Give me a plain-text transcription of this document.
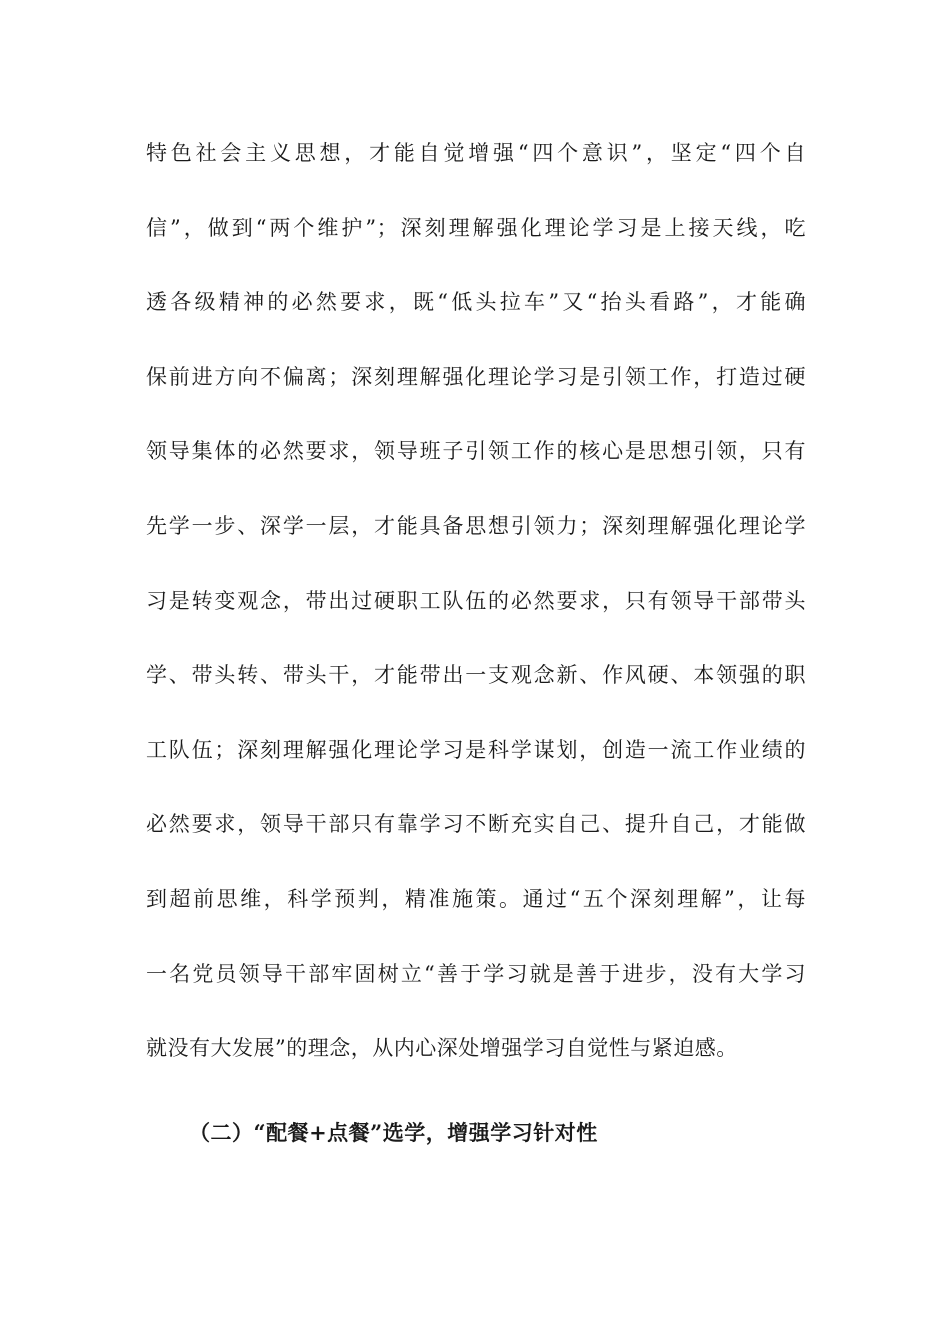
特色社会主义思想，才能自觉增强“四个意识”，坚定“四个自
信”，做到“两个维护”；深刻理解强化理论学习是上接天线，吃
透各级精神的必然要求，既“低头拉车”又“抬头看路”，才能确
保前进方向不偏离；深刻理解强化理论学习是引领工作，打造过硬
领导集体的必然要求，领导班子引领工作的核心是思想引领，只有
先学一步、深学一层，才能具备思想引领力；深刻理解强化理论学
习是转变观念，带出过硬职工队伍的必然要求，只有领导干部带头
学、带头转、带头干，才能带出一支观念新、作风硬、本领强的职
工队伍；深刻理解强化理论学习是科学谋划，创造一流工作业绩的
必然要求，领导干部只有靠学习不断充实自己、提升自己，才能做
到超前思维，科学预判，精准施策。通过“五个深刻理解”，让每
一名党员领导干部牢固树立“善于学习就是善于进步，没有大学习
就没有大发展”的理念，从内心深处增强学习自觉性与紧迫感。

（二）“配餐+点餐”选学，增强学习针对性
